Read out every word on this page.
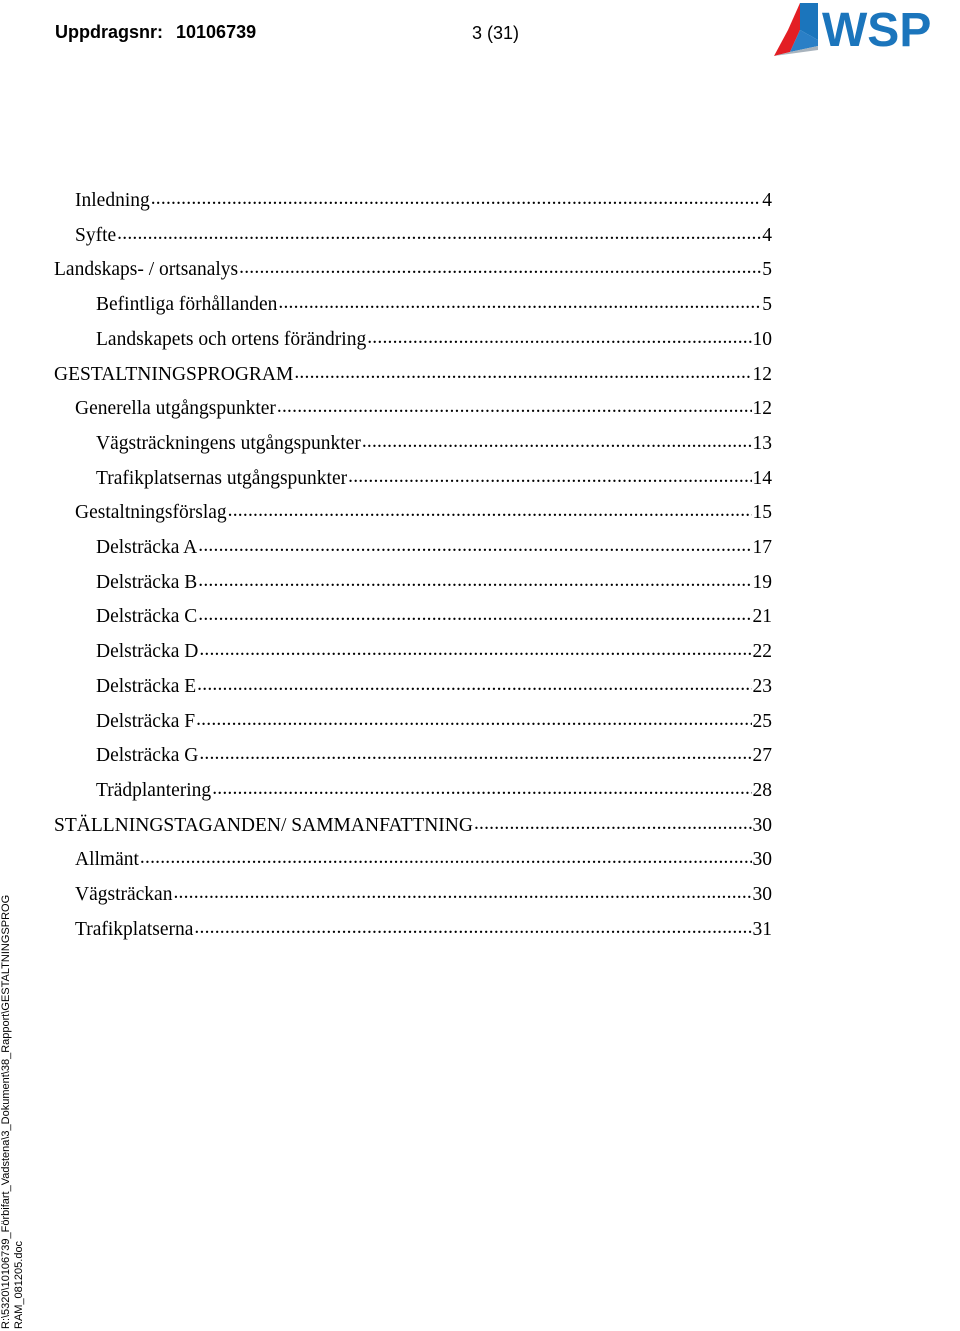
Uppdragsnr: 10106739	3 (31)	WSP
Inledning .....	4
Syfte .....	4
Landskaps- / ortsanalys .....	5
Befintliga förhållanden .....	5
Landskapets och ortens förändring .....	10
GESTALTNINGSPROGRAM .....	12
Generella utgångspunkter .....	12
Vägsträckningens utgångspunkter .....	13
Trafikplatsernas utgångspunkter .....	14
Gestaltningsförslag .....	15
Delsträcka A .....	17
Delsträcka B .....	19
Delsträcka C .....	21
Delsträcka D .....	22
Delsträcka E .....	23
Delsträcka F .....	25
Delsträcka G .....	27
Trädplantering .....	28
STÄLLNINGSTAGANDEN/ SAMMANFATTNING .....	30
Allmänt .....	30
Vägsträckan .....	30
Trafikplatserna .....	31
R:\5320\10106739_Förbifart_Vadstena\3_Dokument\38_Rapport\GESTALTNINGSPROG RAM_081205.doc
